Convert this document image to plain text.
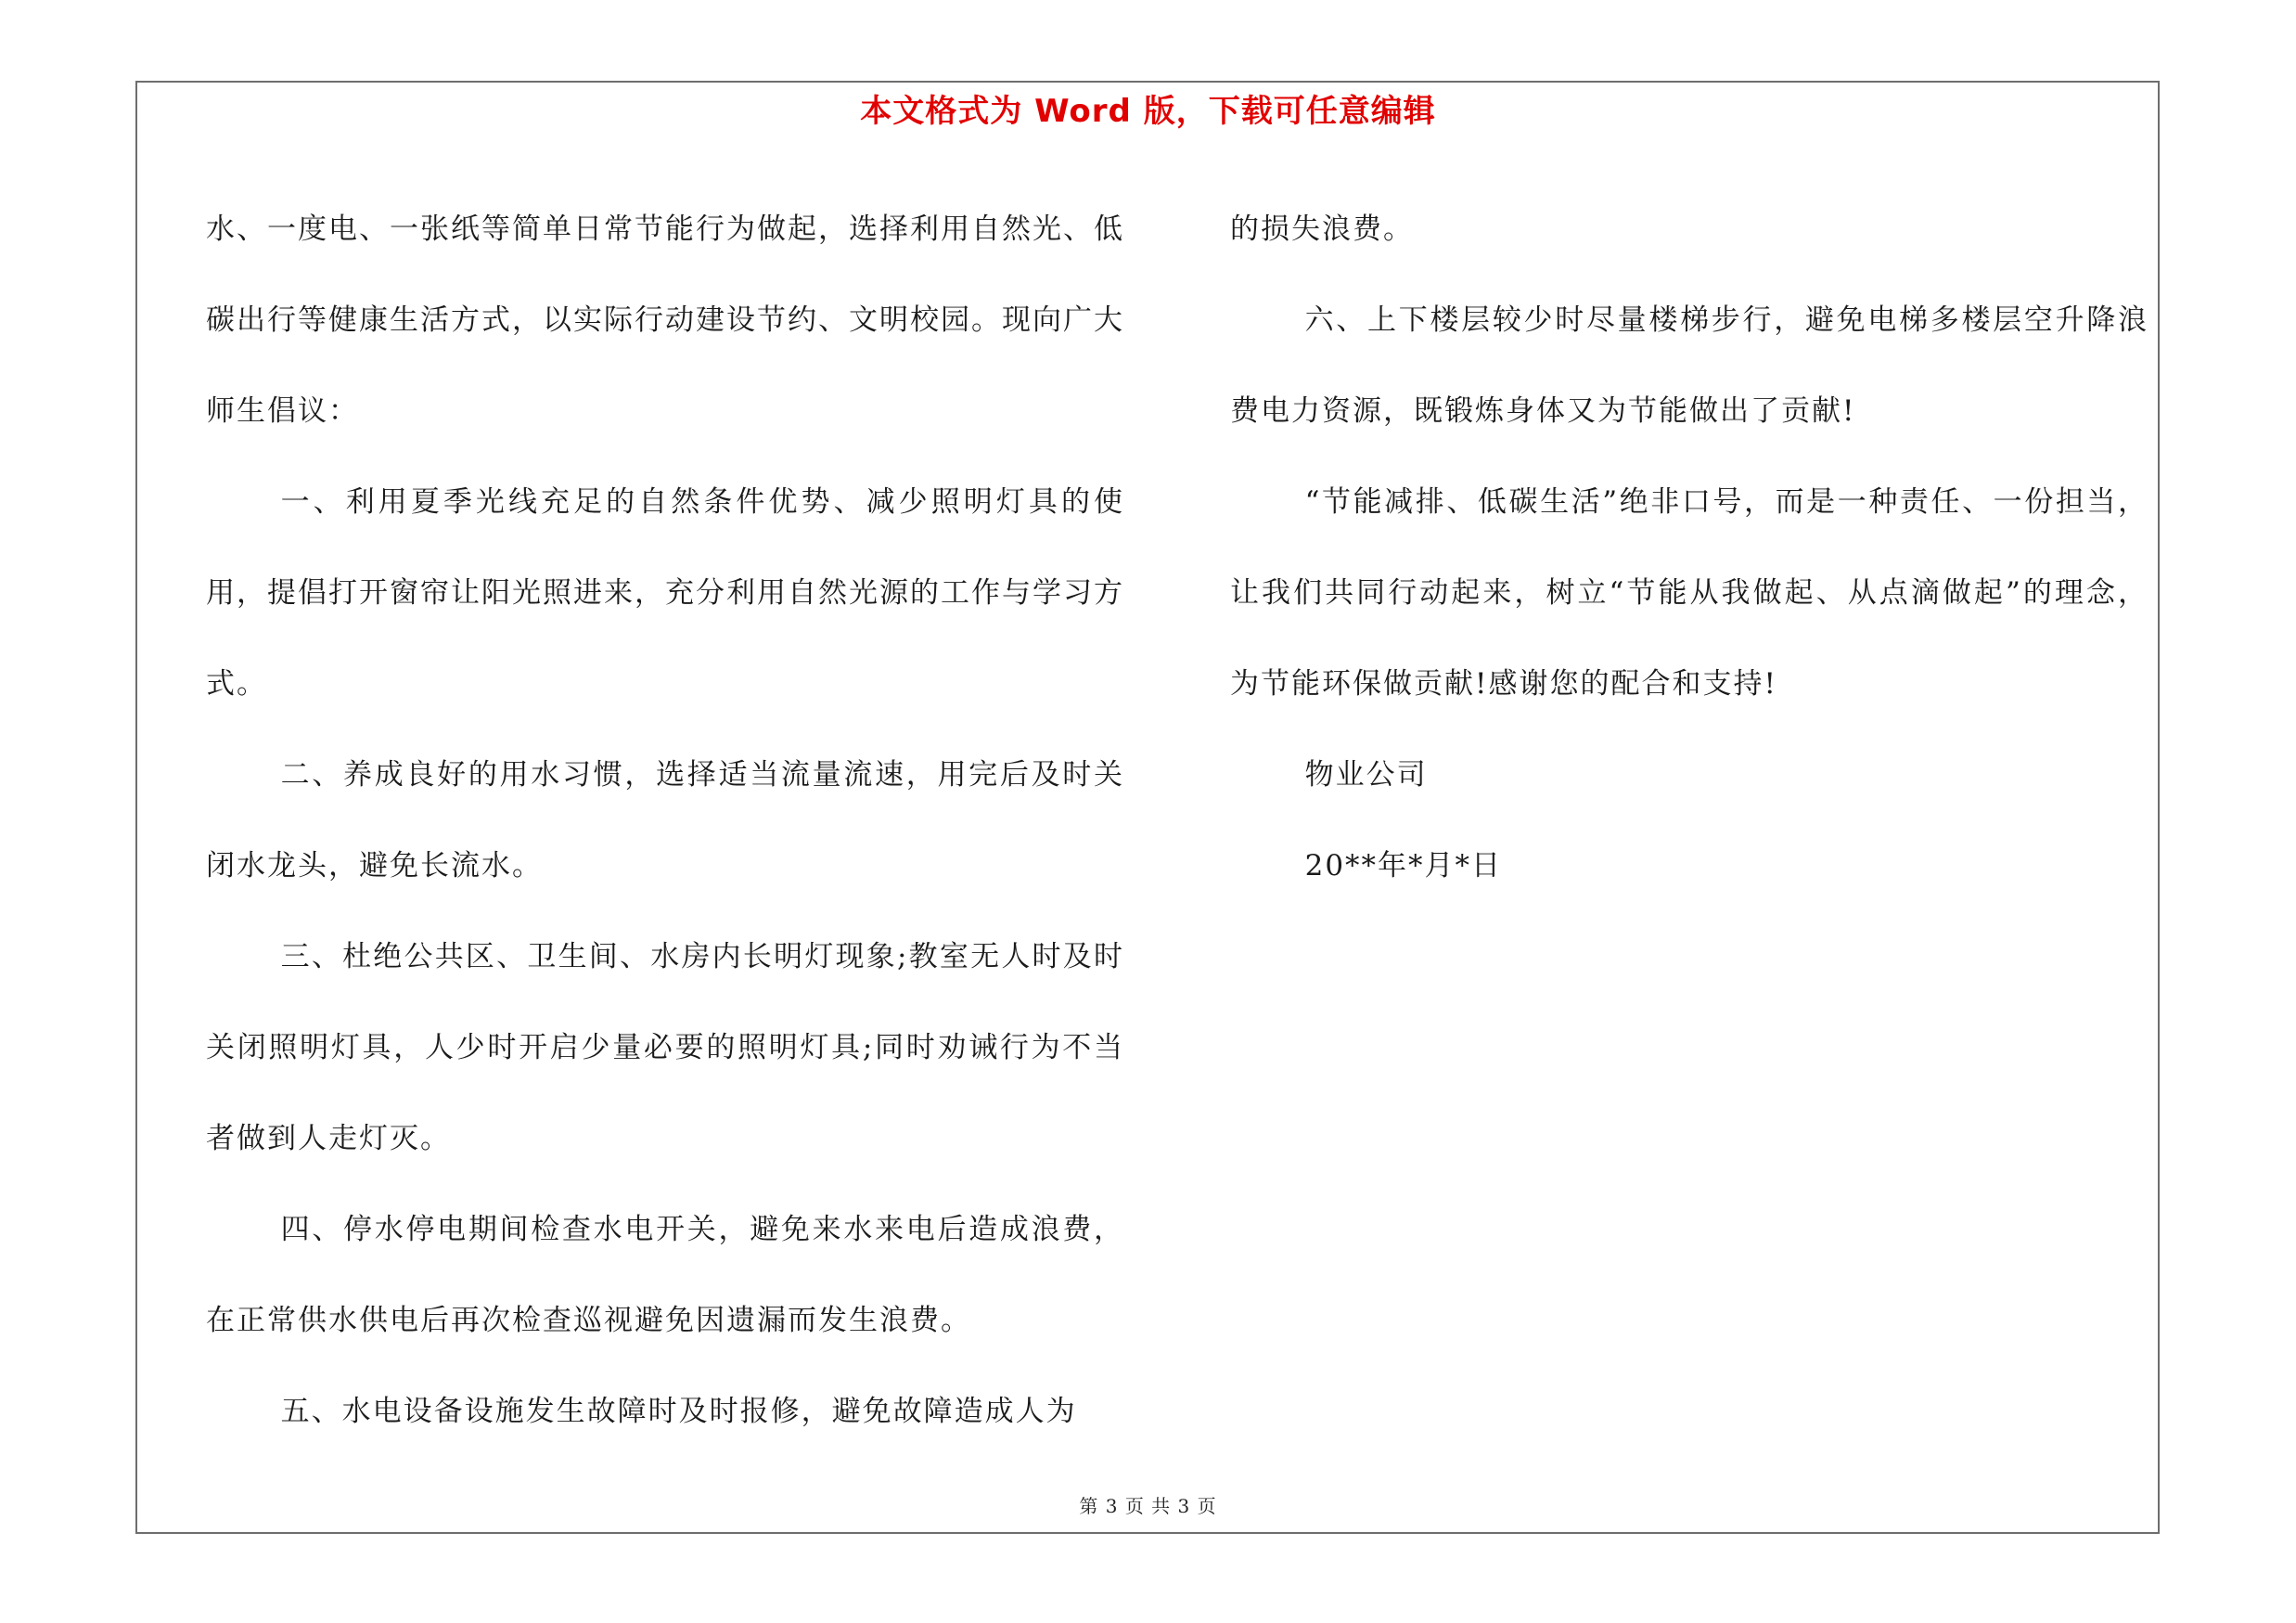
本文格式为 Word 版，下载可任意编辑

水、一度电、一张纸等简单日常节能行为做起，选择利用自然光、低碳出行等健康生活方式，以实际行动建设节约、文明校园。现向广大师生倡议：

一、利用夏季光线充足的自然条件优势、减少照明灯具的使用，提倡打开窗帘让阳光照进来，充分利用自然光源的工作与学习方式。

二、养成良好的用水习惯，选择适当流量流速，用完后及时关闭水龙头，避免长流水。

三、杜绝公共区、卫生间、水房内长明灯现象;教室无人时及时关闭照明灯具，人少时开启少量必要的照明灯具;同时劝诫行为不当者做到人走灯灭。

四、停水停电期间检查水电开关，避免来水来电后造成浪费，在正常供水供电后再次检查巡视避免因遗漏而发生浪费。

五、水电设备设施发生故障时及时报修，避免故障造成人为

的损失浪费。

六、上下楼层较少时尽量楼梯步行，避免电梯多楼层空升降浪费电力资源，既锻炼身体又为节能做出了贡献!

“节能减排、低碳生活”绝非口号，而是一种责任、一份担当，让我们共同行动起来，树立“节能从我做起、从点滴做起”的理念，为节能环保做贡献!感谢您的配合和支持!

物业公司

20**年*月*日

第 3 页 共 3 页
